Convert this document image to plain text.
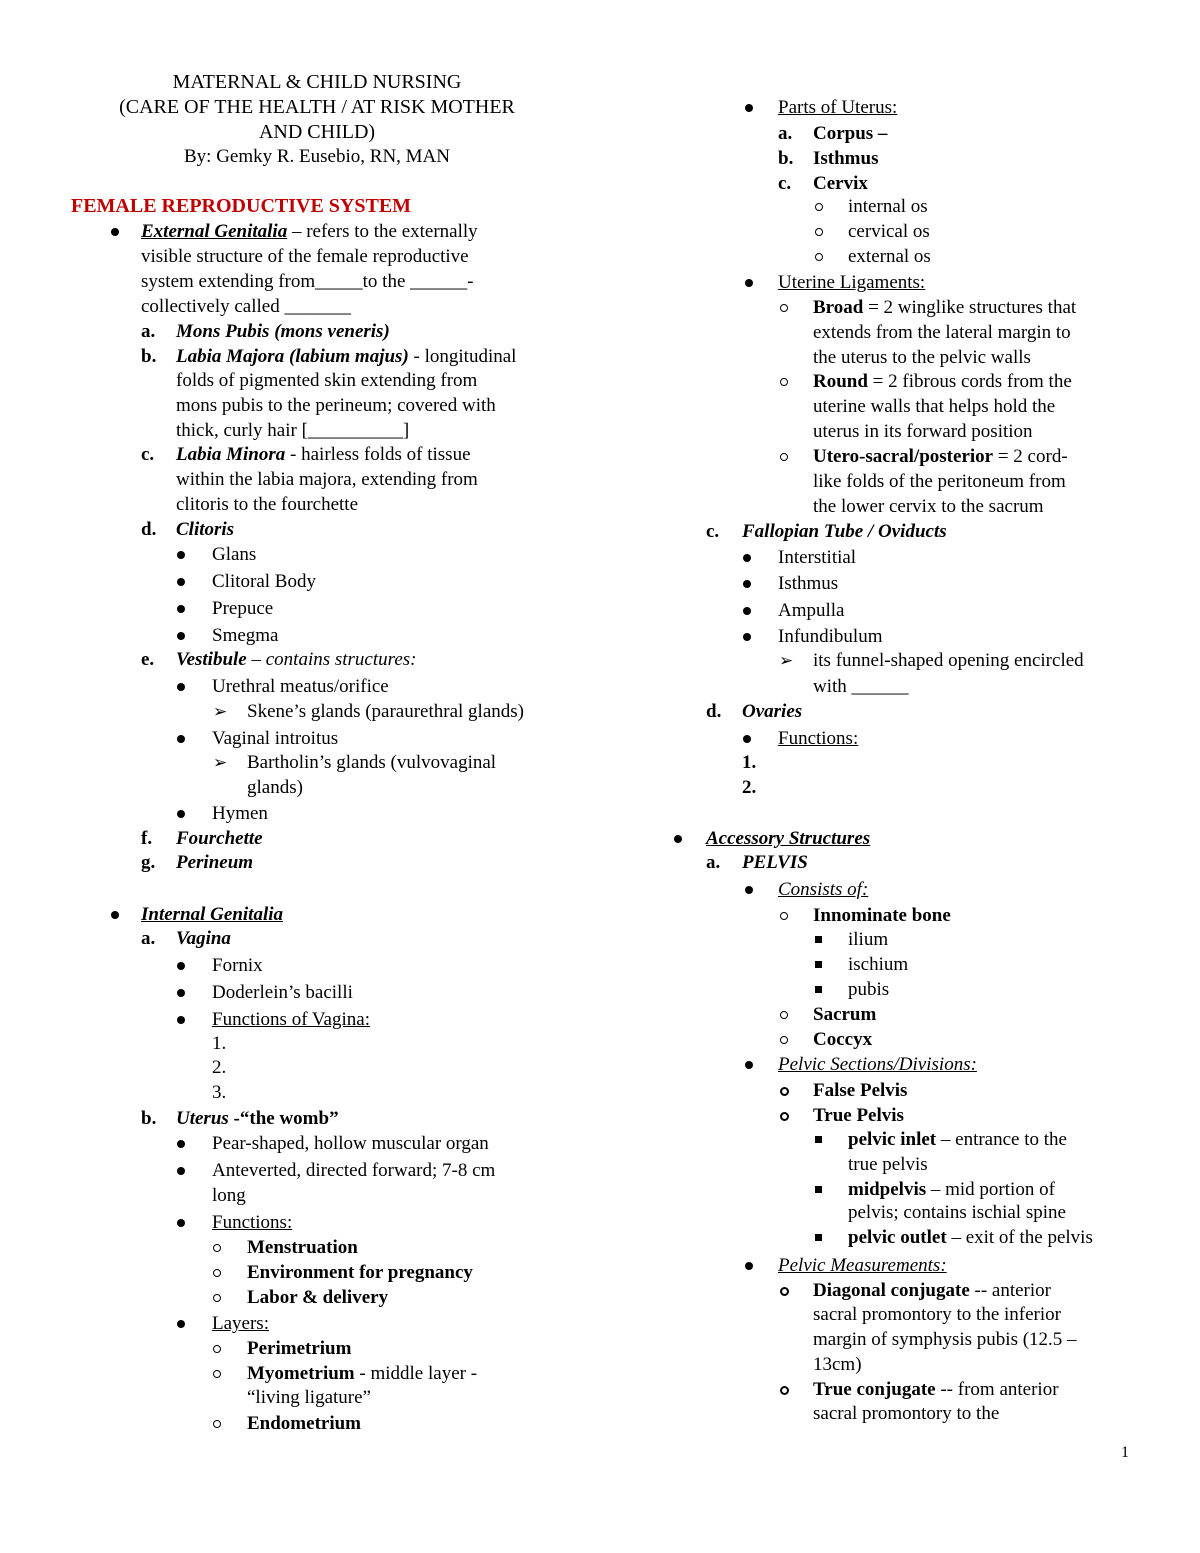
MATERNAL & CHILD NURSING
(CARE OF THE HEALTH / AT RISK MOTHER
AND CHILD)
By: Gemky R. Eusebio, RN, MAN
FEMALE REPRODUCTIVE SYSTEM
External Genitalia – refers to the externally
visible structure of the female reproductive
system extending from_____to the ______-
collectively called _______
a. Mons Pubis (mons veneris)
b. Labia Majora (labium majus) - longitudinal
folds of pigmented skin extending from
mons pubis to the perineum; covered with
thick, curly hair [__________]
c. Labia Minora - hairless folds of tissue
within the labia majora, extending from
clitoris to the fourchette
d. Clitoris
Glans
Clitoral Body
Prepuce
Smegma
e. Vestibule – contains structures:
Urethral meatus/orifice
➢ Skene’s glands (paraurethral glands)
Vaginal introitus
➢ Bartholin’s glands (vulvovaginal
glands)
Hymen
f. Fourchette
g. Perineum
Internal Genitalia
a. Vagina
Fornix
Doderlein’s bacilli
Functions of Vagina:
1.
2.
3.
b. Uterus -“the womb”
Pear-shaped, hollow muscular organ
Anteverted, directed forward; 7-8 cm
long
Functions:
Menstruation
Environment for pregnancy
Labor & delivery
Layers:
Perimetrium
Myometrium - middle layer -
“living ligature”
Endometrium
Parts of Uterus:
a. Corpus –
b. Isthmus
c. Cervix
internal os
cervical os
external os
Uterine Ligaments:
Broad = 2 winglike structures that
extends from the lateral margin to
the uterus to the pelvic walls
Round = 2 fibrous cords from the
uterine walls that helps hold the
uterus in its forward position
Utero-sacral/posterior = 2 cord-
like folds of the peritoneum from
the lower cervix to the sacrum
c. Fallopian Tube / Oviducts
Interstitial
Isthmus
Ampulla
Infundibulum
➢ its funnel-shaped opening encircled
with ______
d. Ovaries
Functions:
1.
2.
Accessory Structures
a. PELVIS
Consists of:
Innominate bone
ilium
ischium
pubis
Sacrum
Coccyx
Pelvic Sections/Divisions:
False Pelvis
True Pelvis
pelvic inlet – entrance to the
true pelvis
midpelvis – mid portion of
pelvis; contains ischial spine
pelvic outlet – exit of the pelvis
Pelvic Measurements:
Diagonal conjugate -- anterior
sacral promontory to the inferior
margin of symphysis pubis (12.5 –
13cm)
True conjugate -- from anterior
sacral promontory to the
1
